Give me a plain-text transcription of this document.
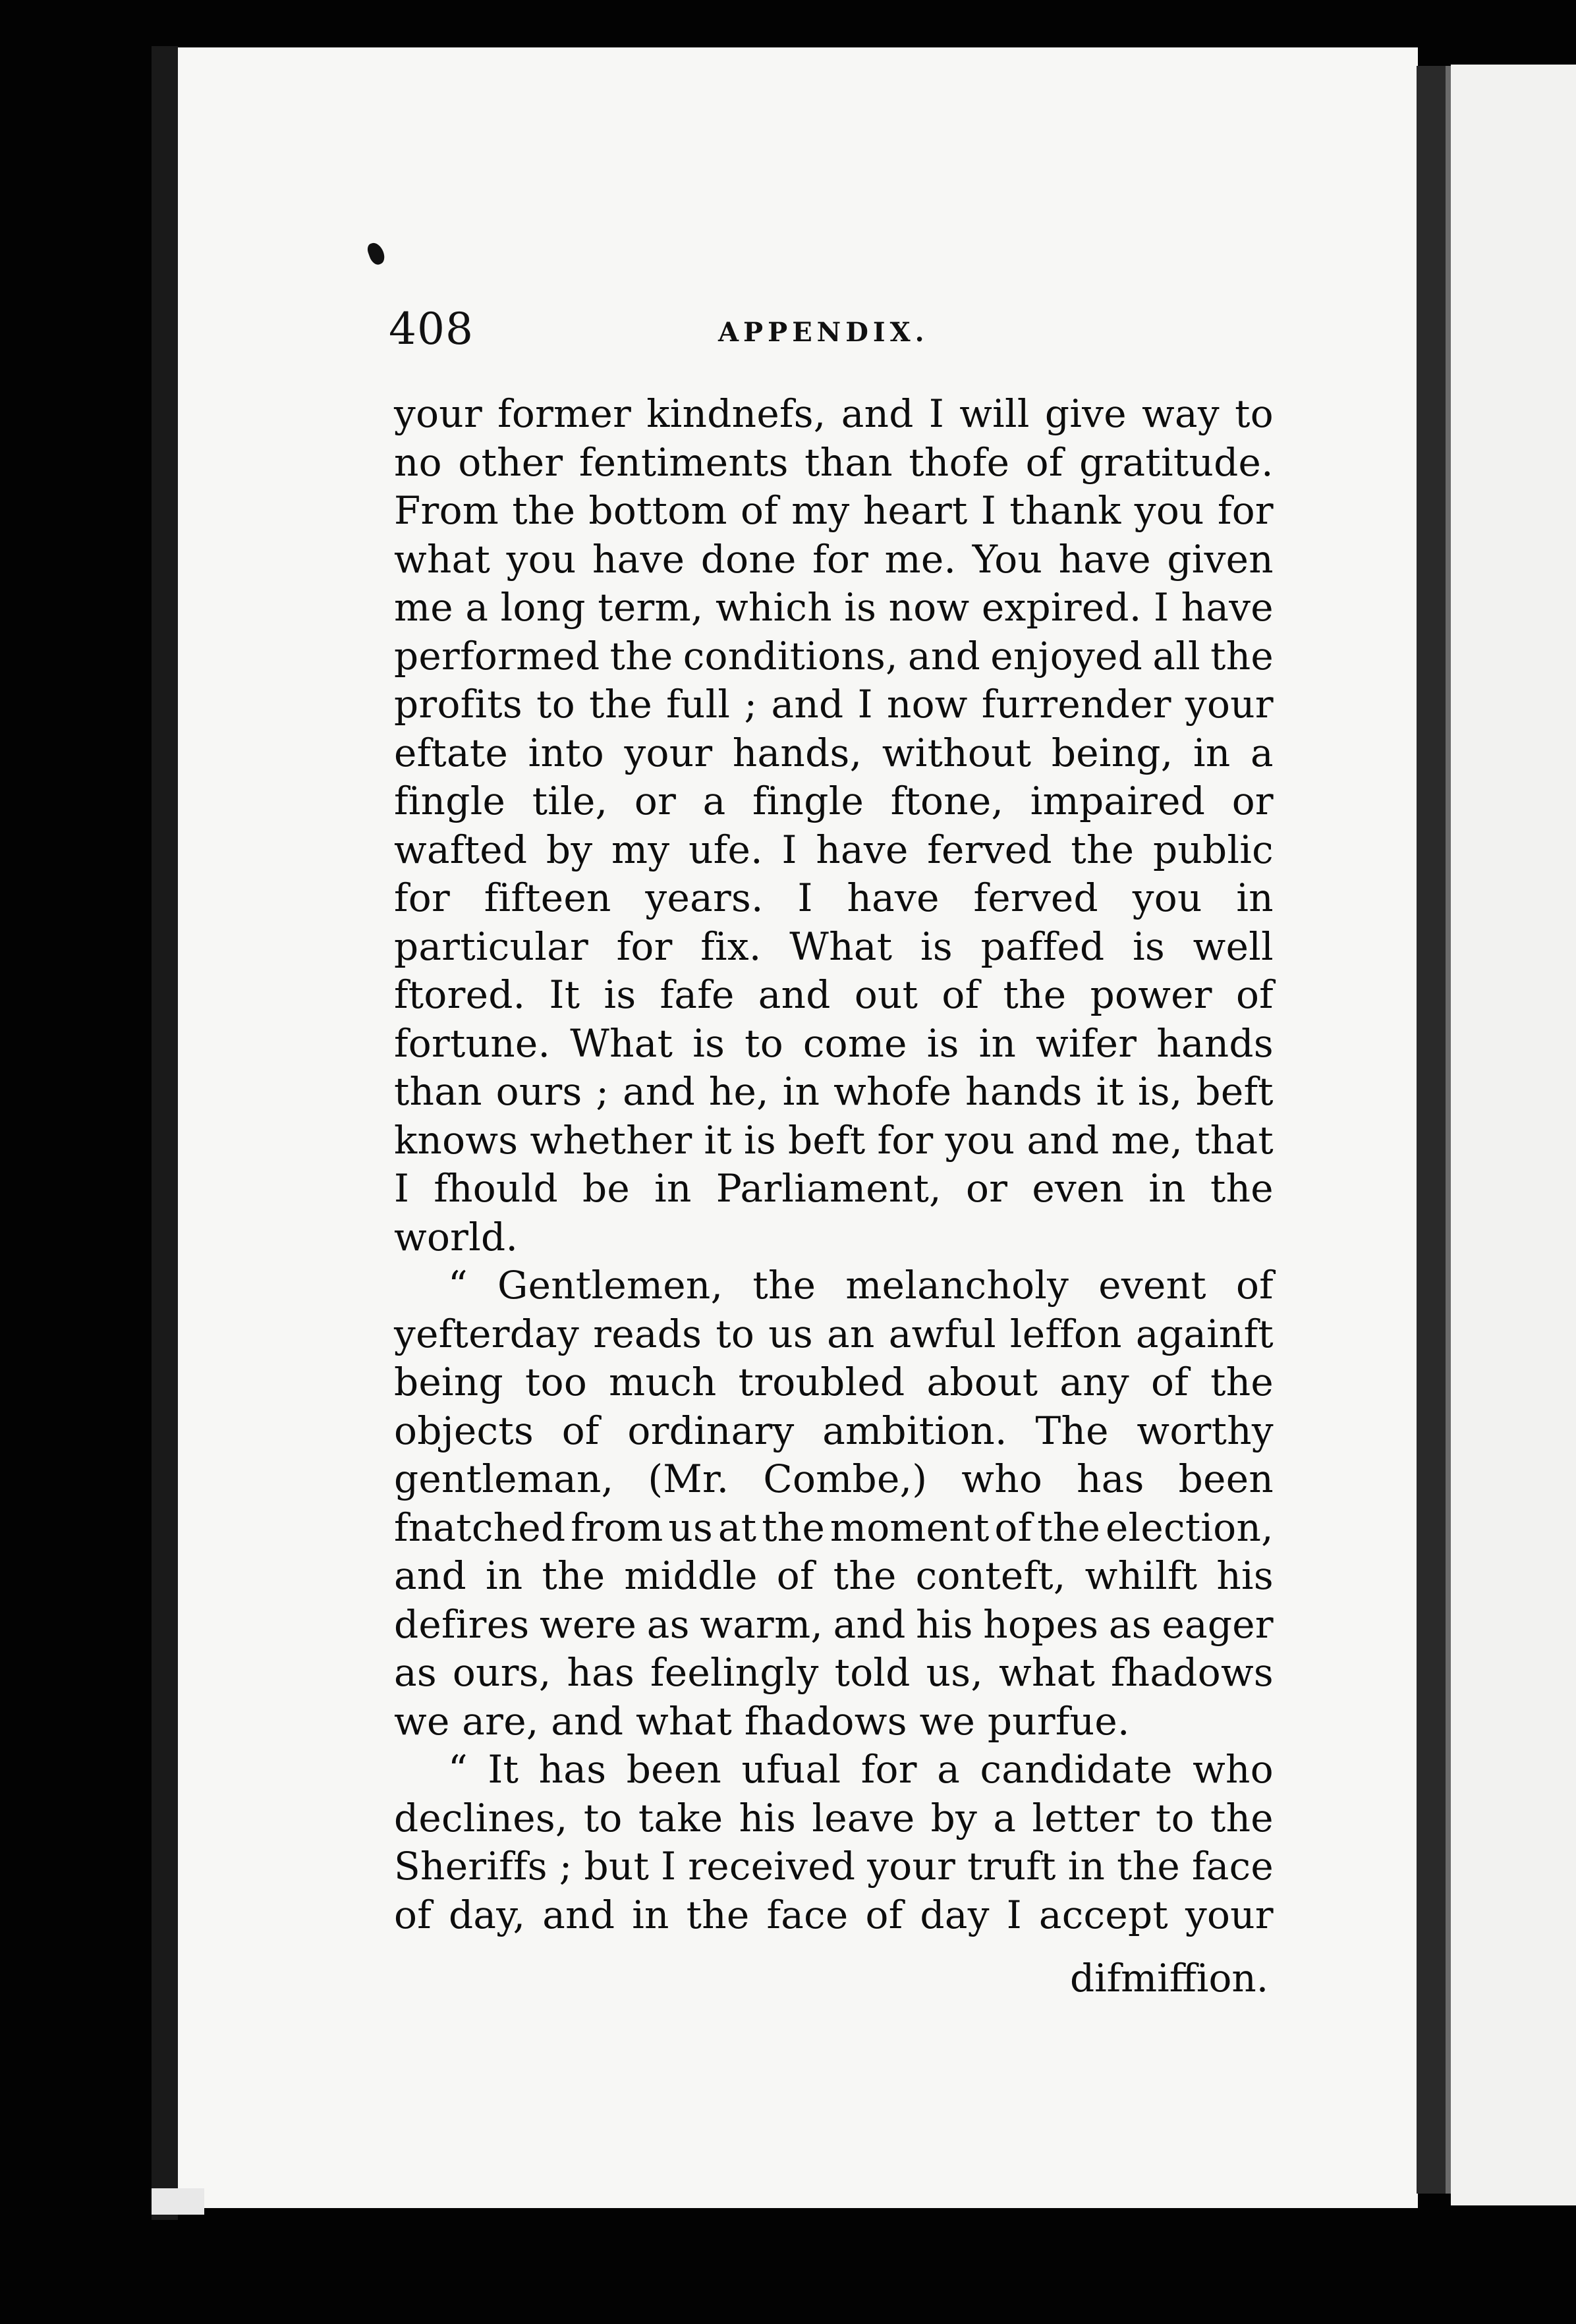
408	APPENDIX.
your former kindnefs, and I will give way to
no other fentiments than thofe of gratitude.
From the bottom of my heart I thank you for
what you have done for me. You have given
me a long term, which is now expired. I have
performed the conditions, and enjoyed all the
profits to the full ; and I now furrender your
eftate into your hands, without being, in a
fingle tile, or a fingle ftone, impaired or
wafted by my ufe. I have ferved the public
for fifteen years. I have ferved you in
particular for fix. What is paffed is well
ftored. It is fafe and out of the power of
fortune. What is to come is in wifer hands
than ours ; and he, in whofe hands it is, beft
knows whether it is beft for you and me, that
I fhould be in Parliament, or even in the
world.
“ Gentlemen, the melancholy event of
yefterday reads to us an awful leffon againft
being too much troubled about any of the
objects of ordinary ambition. The worthy
gentleman, (Mr. Combe,) who has been
fnatched from us at the moment of the election,
and in the middle of the conteft, whilft his
defires were as warm, and his hopes as eager
as ours, has feelingly told us, what fhadows
we are, and what fhadows we purfue.
“ It has been ufual for a candidate who
declines, to take his leave by a letter to the
Sheriffs ; but I received your truft in the face
of day, and in the face of day I accept your
difmiffion.
